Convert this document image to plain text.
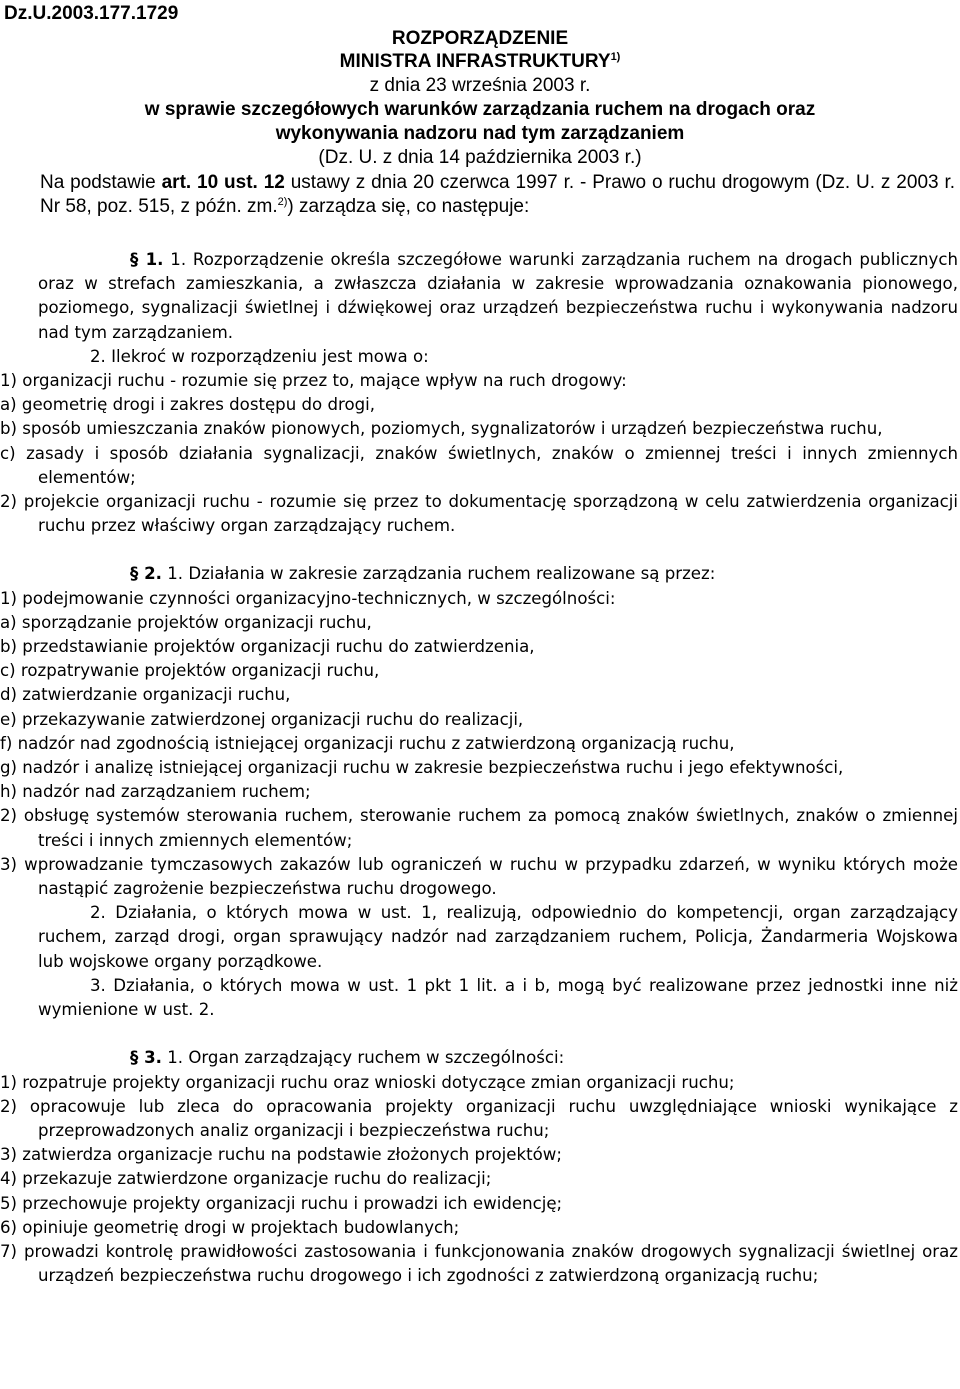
Dz.U.2003.177.1729
ROZPORZĄDZENIE
MINISTRA INFRASTRUKTURY$^{1)}$
z dnia 23 września 2003 r.
w sprawie szczegółowych warunków zarządzania ruchem na drogach oraz
wykonywania nadzoru nad tym zarządzaniem
(Dz. U. z dnia 14 października 2003 r.)
Na podstawie art. 10 ust. 12 ustawy z dnia 20 czerwca 1997 r. - Prawo o ruchu drogowym (Dz. U. z 2003 r. Nr 58, poz. 515, z późn. zm.$^{2)}$) zarządza się, co następuje:

§ 1. 1. Rozporządzenie określa szczegółowe warunki zarządzania ruchem na drogach publicznych oraz w strefach zamieszkania, a zwłaszcza działania w zakresie wprowadzania oznakowania pionowego, poziomego, sygnalizacji świetlnej i dźwiękowej oraz urządzeń bezpieczeństwa ruchu i wykonywania nadzoru nad tym zarządzaniem.

2. Ilekroć w rozporządzeniu jest mowa o:

1) organizacji ruchu - rozumie się przez to, mające wpływ na ruch drogowy:

a) geometrię drogi i zakres dostępu do drogi,

b) sposób umieszczania znaków pionowych, poziomych, sygnalizatorów i urządzeń bezpieczeństwa ruchu,

c) zasady i sposób działania sygnalizacji, znaków świetlnych, znaków o zmiennej treści i innych zmiennych elementów;

2) projekcie organizacji ruchu - rozumie się przez to dokumentację sporządzoną w celu zatwierdzenia organizacji ruchu przez właściwy organ zarządzający ruchem.

§ 2. 1. Działania w zakresie zarządzania ruchem realizowane są przez:

1) podejmowanie czynności organizacyjno-technicznych, w szczególności:

a) sporządzanie projektów organizacji ruchu,

b) przedstawianie projektów organizacji ruchu do zatwierdzenia,

c) rozpatrywanie projektów organizacji ruchu,

d) zatwierdzanie organizacji ruchu,

e) przekazywanie zatwierdzonej organizacji ruchu do realizacji,

f) nadzór nad zgodnością istniejącej organizacji ruchu z zatwierdzoną organizacją ruchu,

g) nadzór i analizę istniejącej organizacji ruchu w zakresie bezpieczeństwa ruchu i jego efektywności,

h) nadzór nad zarządzaniem ruchem;

2) obsługę systemów sterowania ruchem, sterowanie ruchem za pomocą znaków świetlnych, znaków o zmiennej treści i innych zmiennych elementów;

3) wprowadzanie tymczasowych zakazów lub ograniczeń w ruchu w przypadku zdarzeń, w wyniku których może nastąpić zagrożenie bezpieczeństwa ruchu drogowego.

2. Działania, o których mowa w ust. 1, realizują, odpowiednio do kompetencji, organ zarządzający ruchem, zarząd drogi, organ sprawujący nadzór nad zarządzaniem ruchem, Policja, Żandarmeria Wojskowa lub wojskowe organy porządkowe.

3. Działania, o których mowa w ust. 1 pkt 1 lit. a i b, mogą być realizowane przez jednostki inne niż wymienione w ust. 2.

§ 3. 1. Organ zarządzający ruchem w szczególności:

1) rozpatruje projekty organizacji ruchu oraz wnioski dotyczące zmian organizacji ruchu;

2) opracowuje lub zleca do opracowania projekty organizacji ruchu uwzględniające wnioski wynikające z przeprowadzonych analiz organizacji i bezpieczeństwa ruchu;

3) zatwierdza organizacje ruchu na podstawie złożonych projektów;

4) przekazuje zatwierdzone organizacje ruchu do realizacji;

5) przechowuje projekty organizacji ruchu i prowadzi ich ewidencję;

6) opiniuje geometrię drogi w projektach budowlanych;

7) prowadzi kontrolę prawidłowości zastosowania i funkcjonowania znaków drogowych sygnalizacji świetlnej oraz urządzeń bezpieczeństwa ruchu drogowego i ich zgodności z zatwierdzoną organizacją ruchu;
